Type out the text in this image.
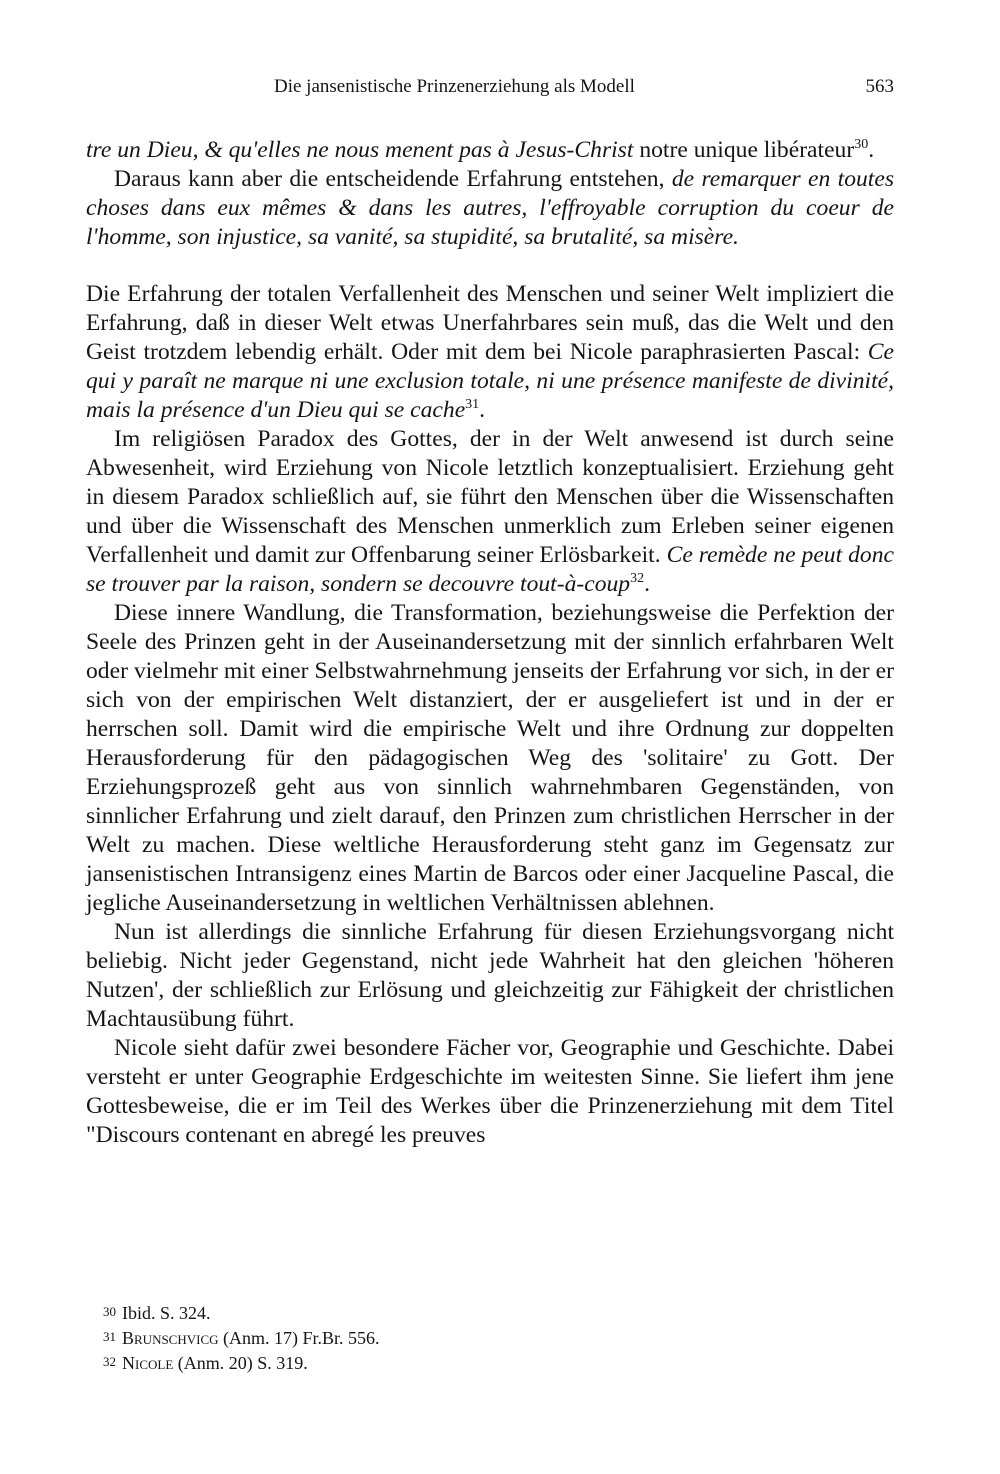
Die jansenistische Prinzenerziehung als Modell	563

tre un Dieu, & qu'elles ne nous menent pas à Jesus-Christ notre unique libérateur$^{30}$.

Daraus kann aber die entscheidende Erfahrung entstehen, de remarquer en toutes choses dans eux mêmes & dans les autres, l'effroyable corruption du coeur de l'homme, son injustice, sa vanité, sa stupidité, sa brutalité, sa misère.

Die Erfahrung der totalen Verfallenheit des Menschen und seiner Welt impliziert die Erfahrung, daß in dieser Welt etwas Unerfahrbares sein muß, das die Welt und den Geist trotzdem lebendig erhält. Oder mit dem bei Nicole paraphrasierten Pascal: Ce qui y paraît ne marque ni une exclusion totale, ni une présence manifeste de divinité, mais la présence d'un Dieu qui se cache$^{31}$.

Im religiösen Paradox des Gottes, der in der Welt anwesend ist durch seine Abwesenheit, wird Erziehung von Nicole letztlich konzeptualisiert. Erziehung geht in diesem Paradox schließlich auf, sie führt den Menschen über die Wissenschaften und über die Wissenschaft des Menschen unmerklich zum Erleben seiner eigenen Verfallenheit und damit zur Offenbarung seiner Erlösbarkeit. Ce remède ne peut donc se trouver par la raison, sondern se decouvre tout-à-coup$^{32}$.

Diese innere Wandlung, die Transformation, beziehungsweise die Perfektion der Seele des Prinzen geht in der Auseinandersetzung mit der sinnlich erfahrbaren Welt oder vielmehr mit einer Selbstwahrnehmung jenseits der Erfahrung vor sich, in der er sich von der empirischen Welt distanziert, der er ausgeliefert ist und in der er herrschen soll. Damit wird die empirische Welt und ihre Ordnung zur doppelten Herausforderung für den pädagogischen Weg des 'solitaire' zu Gott. Der Erziehungsprozeß geht aus von sinnlich wahrnehmbaren Gegenständen, von sinnlicher Erfahrung und zielt darauf, den Prinzen zum christlichen Herrscher in der Welt zu machen. Diese weltliche Herausforderung steht ganz im Gegensatz zur jansenistischen Intransigenz eines Martin de Barcos oder einer Jacqueline Pascal, die jegliche Auseinandersetzung in weltlichen Verhältnissen ablehnen.

Nun ist allerdings die sinnliche Erfahrung für diesen Erziehungsvorgang nicht beliebig. Nicht jeder Gegenstand, nicht jede Wahrheit hat den gleichen 'höheren Nutzen', der schließlich zur Erlösung und gleichzeitig zur Fähigkeit der christlichen Machtausübung führt.

Nicole sieht dafür zwei besondere Fächer vor, Geographie und Geschichte. Dabei versteht er unter Geographie Erdgeschichte im weitesten Sinne. Sie liefert ihm jene Gottesbeweise, die er im Teil des Werkes über die Prinzenerziehung mit dem Titel "Discours contenant en abregé les preuves

30 Ibid. S. 324.

31 Brunschvicg (Anm. 17) Fr.Br. 556.

32 Nicole (Anm. 20) S. 319.
